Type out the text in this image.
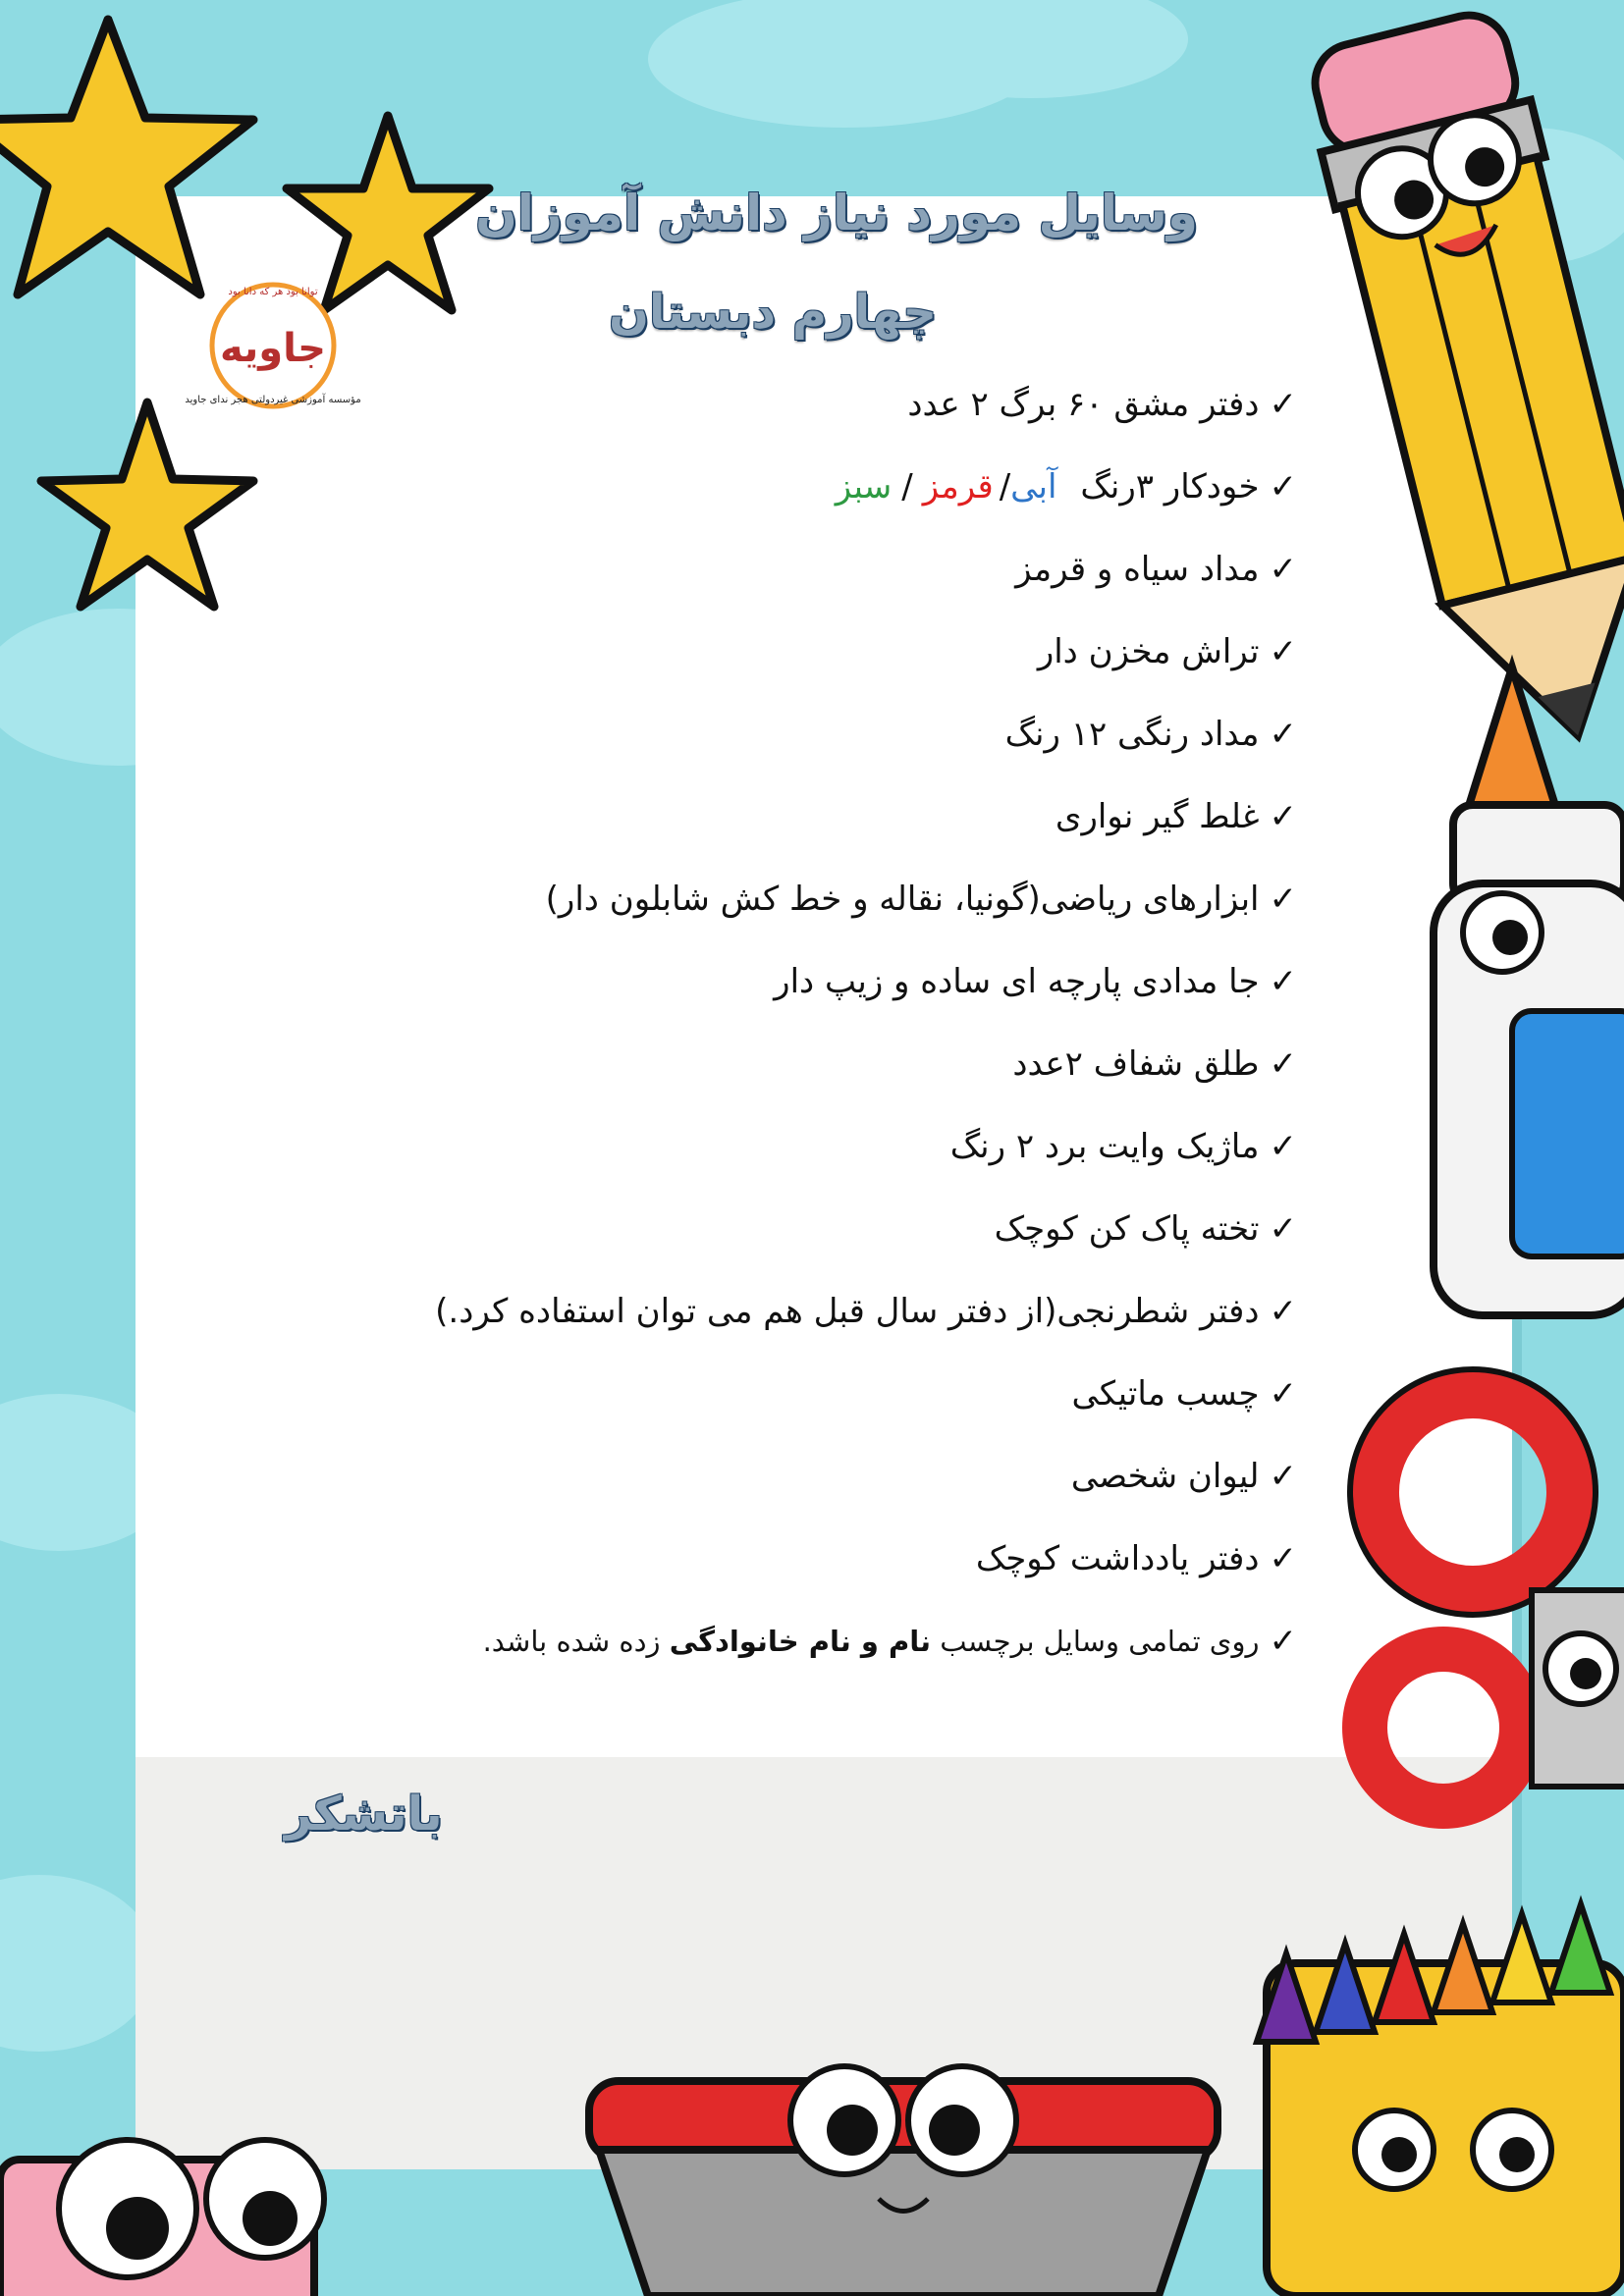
جاویه
توانا بود هر که دانا بود
مؤسسه آموزشی غیردولتی هجر ندای جاوید
وسایل مورد نیاز دانش آموزان
چهارم دبستان
✓
دفتر مشق ۶۰ برگ ۲ عدد
✓
خودکار ۳رنگ
آبی
/
قرمز
/
سبز
✓
مداد سیاه و قرمز
✓
تراش مخزن دار
✓
مداد رنگی ۱۲ رنگ
✓
غلط گیر نواری
✓
ابزارهای ریاضی(گونیا، نقاله و خط کش شابلون دار)
✓
جا مدادی پارچه ای ساده و زیپ دار
✓
طلق شفاف ۲عدد
✓
ماژیک وایت برد ۲ رنگ
✓
تخته پاک کن کوچک
✓
دفتر شطرنجی(از دفتر سال قبل هم می توان استفاده کرد.)
✓
چسب ماتیکی
✓
لیوان شخصی
✓
دفتر یادداشت کوچک
✓
روی تمامی وسایل برچسب

نام و نام خانوادگی

زده شده باشد.
باتشکر
